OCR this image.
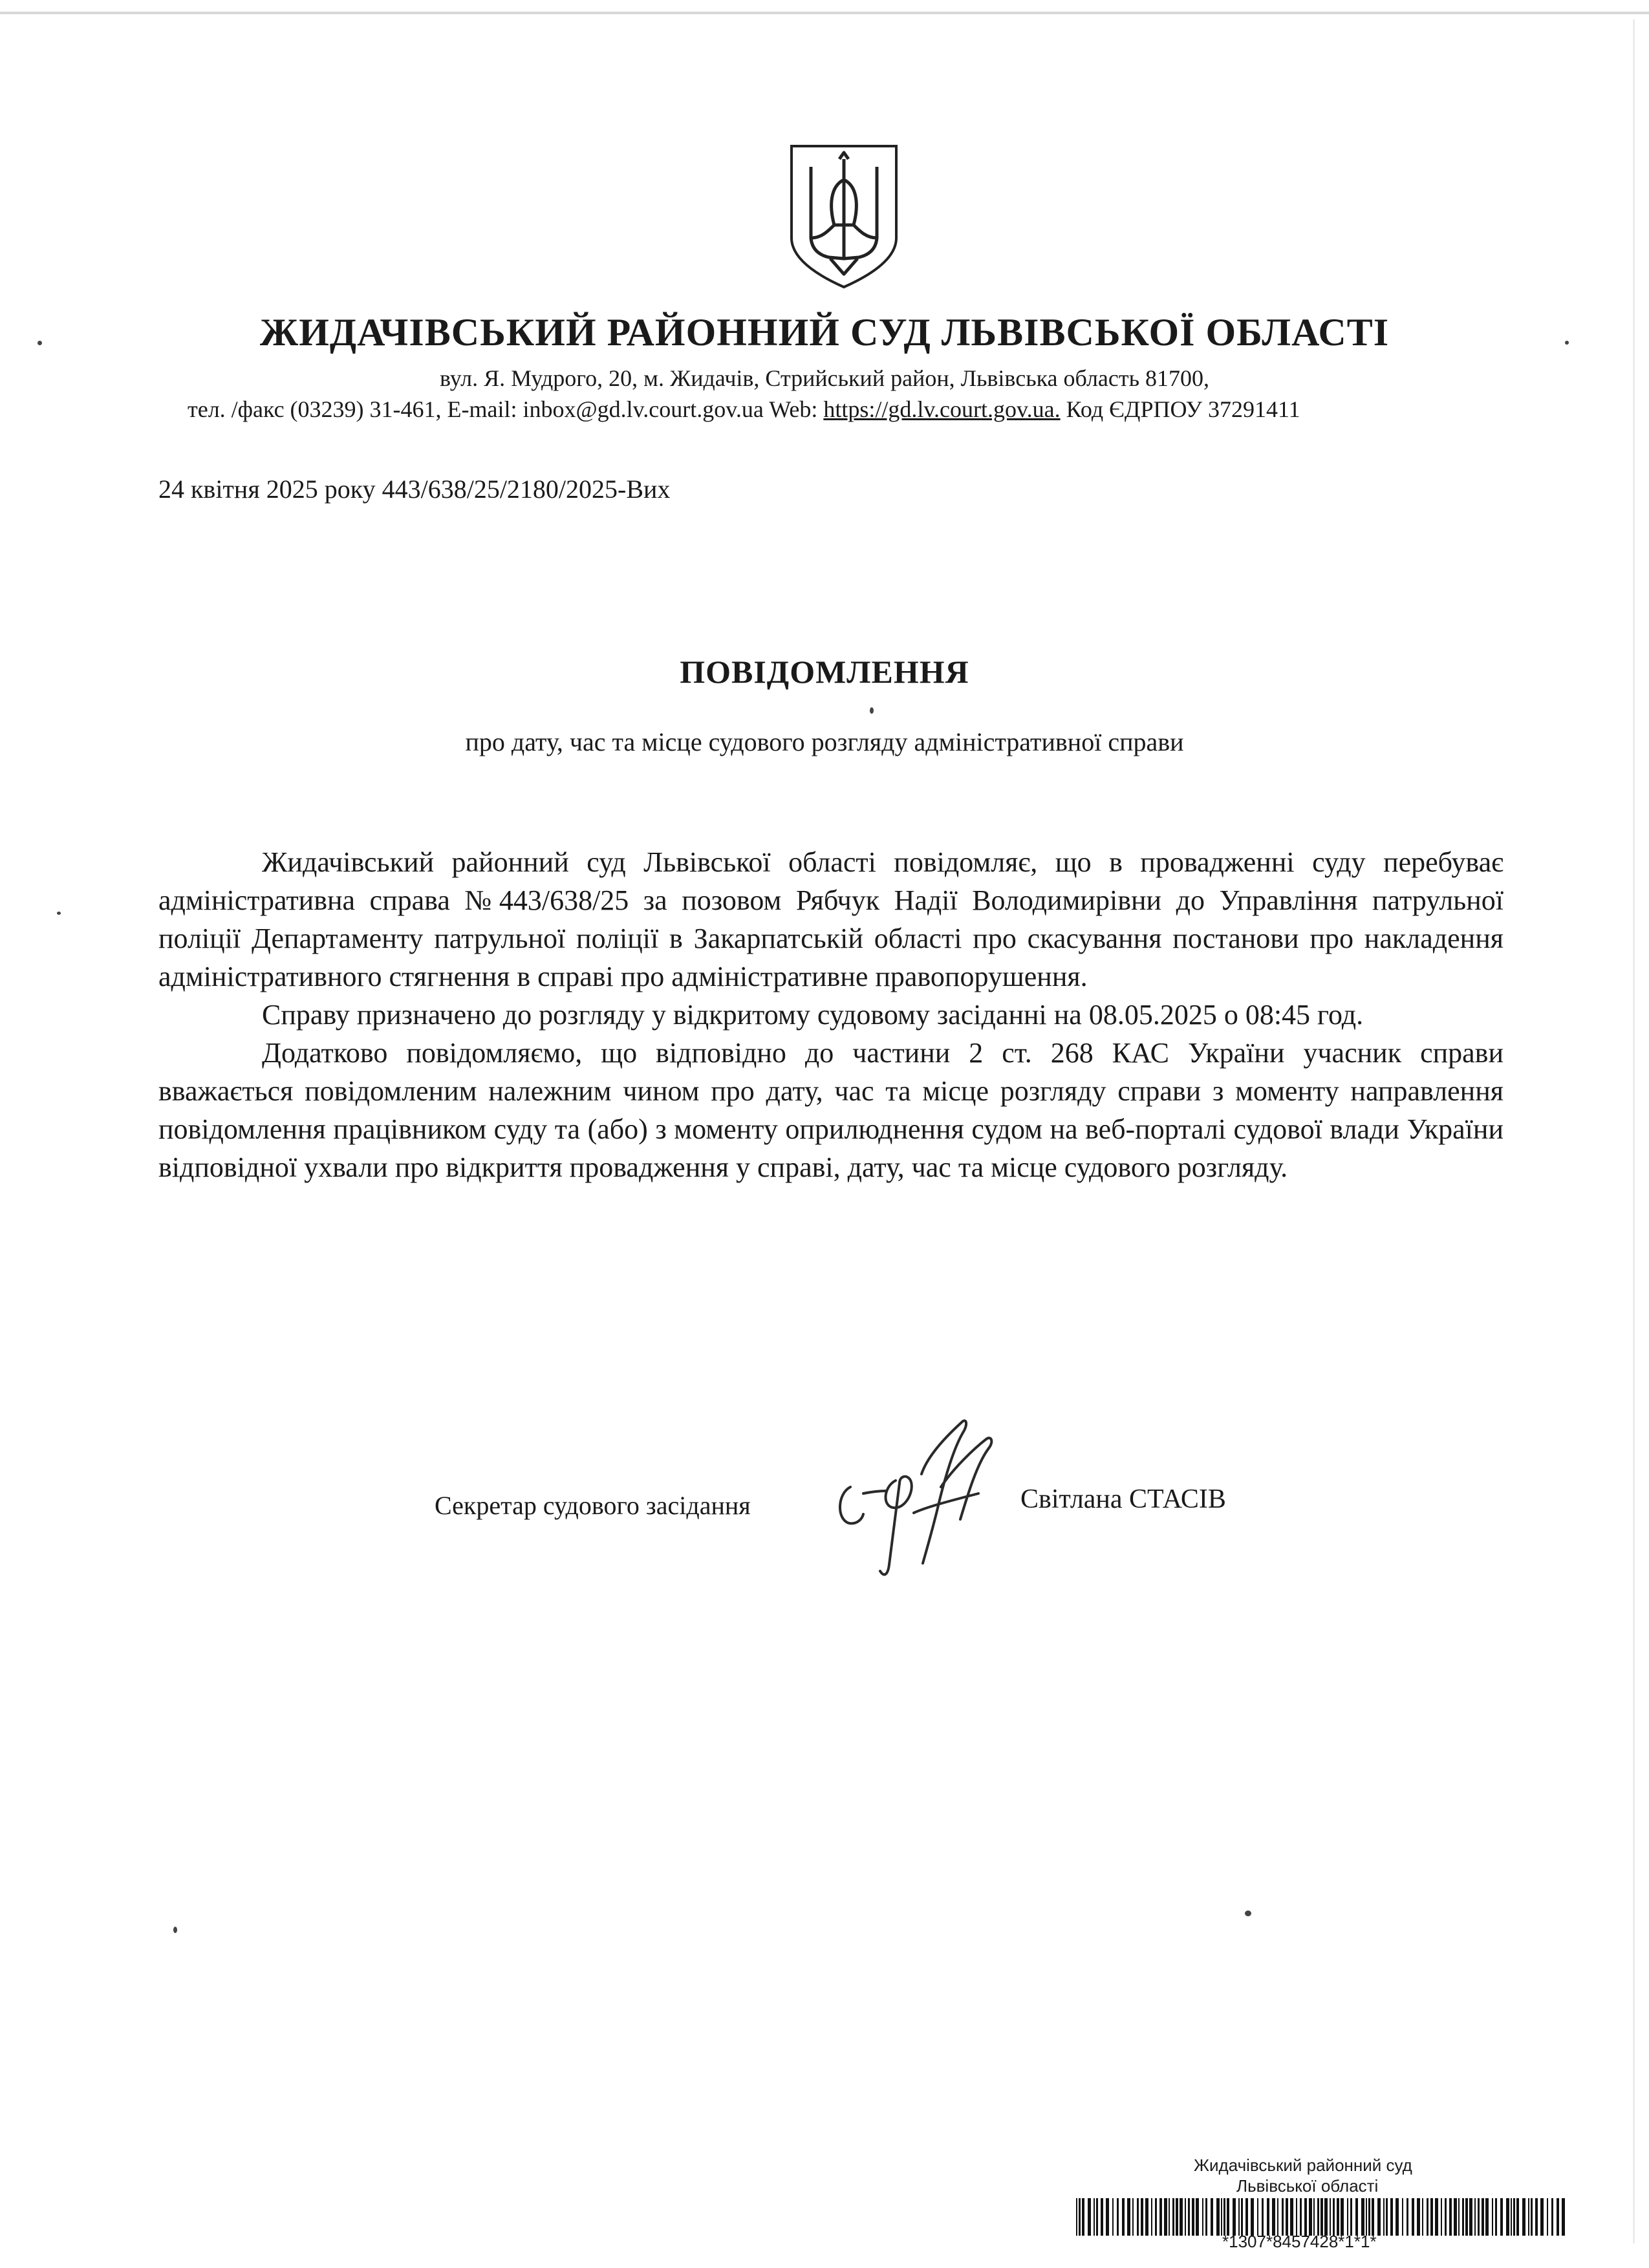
ЖИДАЧІВСЬКИЙ РАЙОННИЙ СУД ЛЬВІВСЬКОЇ ОБЛАСТІ
вул. Я. Мудрого, 20, м. Жидачів, Стрийський район, Львівська область 81700,
тел. /факс (03239) 31-461, E-mail: inbox@gd.lv.court.gov.ua Web: https://gd.lv.court.gov.ua. Код ЄДРПОУ 37291411
24 квітня 2025 року 443/638/25/2180/2025-Вих
ПОВІДОМЛЕННЯ
про дату, час та місце судового розгляду адміністративної справи

Жидачівський районний суд Львівської області повідомляє, що в провадженні суду перебуває адміністративна справа №443/638/25 за позовом Рябчук Надії Володимирівни до Управління патрульної поліції Департаменту патрульної поліції в Закарпатській області про скасування постанови про накладення адміністративного стягнення в справі про адміністративне правопорушення.

Справу призначено до розгляду у відкритому судовому засіданні на 08.05.2025 о 08:45 год.

Додатково повідомляємо, що відповідно до частини 2 ст. 268 КАС України учасник справи вважається повідомленим належним чином про дату, час та місце розгляду справи з моменту направлення повідомлення працівником суду та (або) з моменту оприлюднення судом на веб-порталі судової влади України відповідної ухвали про відкриття провадження у справі, дату, час та місце судового розгляду.

Секретар судового засідання	Світлана СТАСІВ
Жидачівський районний суд
Львівської області
*1307*8457428*1*1*
